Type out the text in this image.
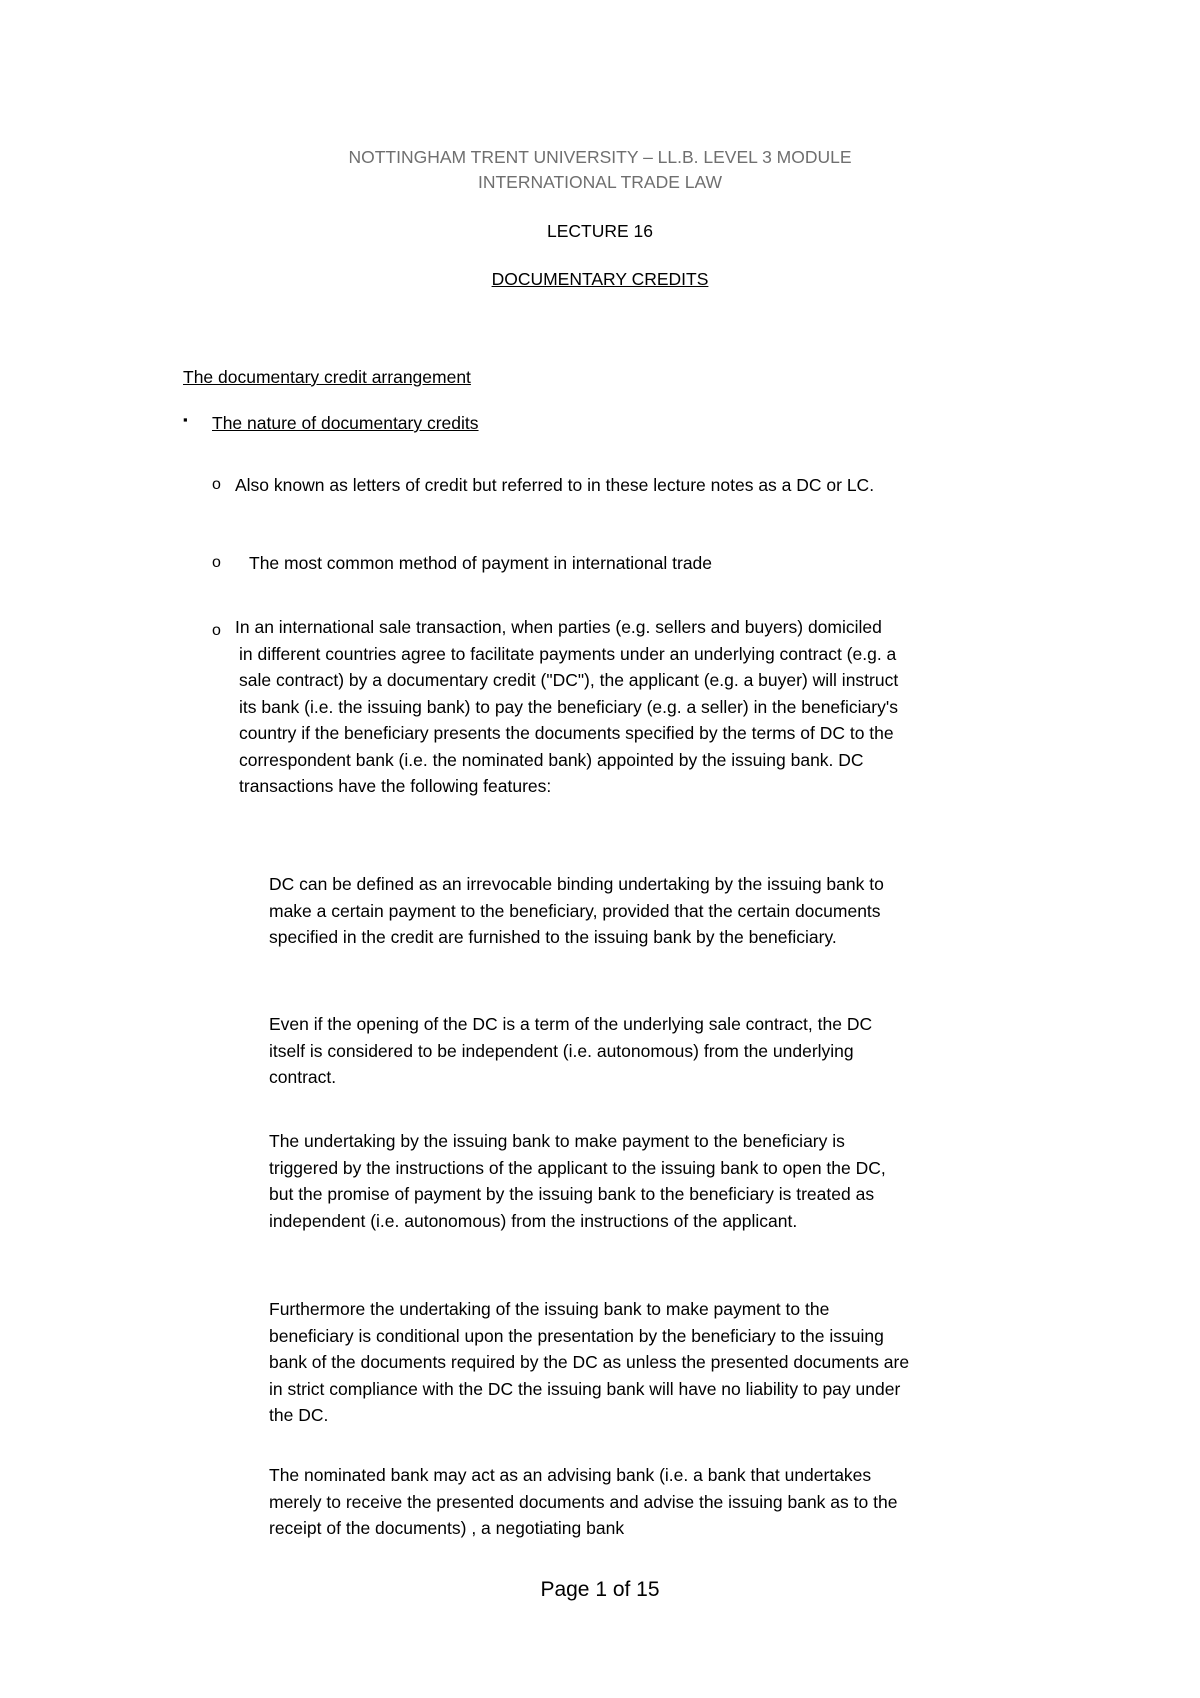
NOTTINGHAM TRENT UNIVERSITY – LL.B. LEVEL 3 MODULE
INTERNATIONAL TRADE LAW
LECTURE 16
DOCUMENTARY CREDITS
The documentary credit arrangement
▪ The nature of documentary credits
o Also known as letters of credit but referred to in these lecture notes as a DC or LC.
o The most common method of payment in international trade
o In an international sale transaction, when parties (e.g. sellers and buyers) domiciled
in different countries agree to facilitate payments under an underlying contract (e.g. a
sale contract) by a documentary credit ("DC"), the applicant (e.g. a buyer) will instruct
its bank (i.e. the issuing bank) to pay the beneficiary (e.g. a seller) in the beneficiary's
country if the beneficiary presents the documents specified by the terms of DC to the
correspondent bank (i.e. the nominated bank) appointed by the issuing bank. DC
transactions have the following features:
DC can be defined as an irrevocable binding undertaking by the issuing bank to
make a certain payment to the beneficiary, provided that the certain documents
specified in the credit are furnished to the issuing bank by the beneficiary.
Even if the opening of the DC is a term of the underlying sale contract, the DC
itself is considered to be independent (i.e. autonomous) from the underlying
contract.
The undertaking by the issuing bank to make payment to the beneficiary is
triggered by the instructions of the applicant to the issuing bank to open the DC,
but the promise of payment by the issuing bank to the beneficiary is treated as
independent (i.e. autonomous) from the instructions of the applicant.
Furthermore the undertaking of the issuing bank to make payment to the
beneficiary is conditional upon the presentation by the beneficiary to the issuing
bank of the documents required by the DC as unless the presented documents are
in strict compliance with the DC the issuing bank will have no liability to pay under
the DC.
The nominated bank may act as an advising bank (i.e. a bank that undertakes
merely to receive the presented documents and advise the issuing bank as to the
receipt of the documents) , a negotiating bank
Page 1 of 15
